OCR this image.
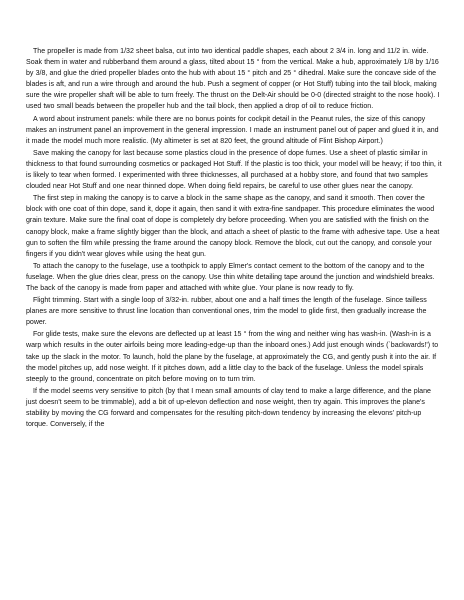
The propeller is made from 1/32 sheet balsa, cut into two identical paddle shapes, each about 2 3/4 in. long and 11/2 in. wide. Soak them in water and rubberband them around a glass, tilted about 15 ° from the vertical. Make a hub, approximately 1/8 by 1/16 by 3/8, and glue the dried propeller blades onto the hub with about 15 ° pitch and 25 ° dihedral. Make sure the concave side of the blades is aft, and run a wire through and around the hub. Push a segment of copper (or Hot Stuff) tubing into the tail block, making sure the wire propeller shaft will be able to turn freely. The thrust on the Delt-Air should be 0-0 (directed straight to the nose hook). I used two small beads between the propeller hub and the tail block, then applied a drop of oil to reduce friction.

A word about instrument panels: while there are no bonus points for cockpit detail in the Peanut rules, the size of this canopy makes an instrument panel an improvement in the general impression. I made an instrument panel out of paper and glued it in, and it made the model much more realistic. (My altimeter is set at 820 feet, the ground altitude of Flint Bishop Airport.)

Save making the canopy for last because some plastics cloud in the presence of dope fumes. Use a sheet of plastic similar in thickness to that found surrounding cosmetics or packaged Hot Stuff. If the plastic is too thick, your model will be heavy; if too thin, it is likely to tear when formed. I experimented with three thicknesses, all purchased at a hobby store, and found that two samples clouded near Hot Stuff and one near thinned dope. When doing field repairs, be careful to use other glues near the canopy.

The first step in making the canopy is to carve a block in the same shape as the canopy, and sand it smooth. Then cover the block with one coat of thin dope, sand it, dope it again, then sand it with extra-fine sandpaper. This procedure eliminates the wood grain texture. Make sure the final coat of dope is completely dry before proceeding. When you are satisfied with the finish on the canopy block, make a frame slightly bigger than the block, and attach a sheet of plastic to the frame with adhesive tape. Use a heat gun to soften the film while pressing the frame around the canopy block. Remove the block, cut out the canopy, and console your fingers if you didn't wear gloves while using the heat gun.

To attach the canopy to the fuselage, use a toothpick to apply Elmer's contact cement to the bottom of the canopy and to the fuselage. When the glue dries clear, press on the canopy. Use thin white detailing tape around the junction and windshield breaks. The back of the canopy is made from paper and attached with white glue. Your plane is now ready to fly.

Flight trimming. Start with a single loop of 3/32-in. rubber, about one and a half times the length of the fuselage. Since tailless planes are more sensitive to thrust line location than conventional ones, trim the model to glide first, then gradually increase the power.

For glide tests, make sure the elevons are deflected up at least 15 ° from the wing and neither wing has wash-in. (Wash-in is a warp which results in the outer airfoils being more leading-edge-up than the inboard ones.) Add just enough winds (`backwards!') to take up the slack in the motor. To launch, hold the plane by the fuselage, at approximately the CG, and gently push it into the air. If the model pitches up, add nose weight. If it pitches down, add a little clay to the back of the fuselage. Unless the model spirals steeply to the ground, concentrate on pitch before moving on to turn trim.

If the model seems very sensitive to pitch (by that I mean small amounts of clay tend to make a large difference, and the plane just doesn't seem to be trimmable), add a bit of up-elevon deflection and nose weight, then try again. This improves the plane's stability by moving the CG forward and compensates for the resulting pitch-down tendency by increasing the elevons' pitch-up torque. Conversely, if the
